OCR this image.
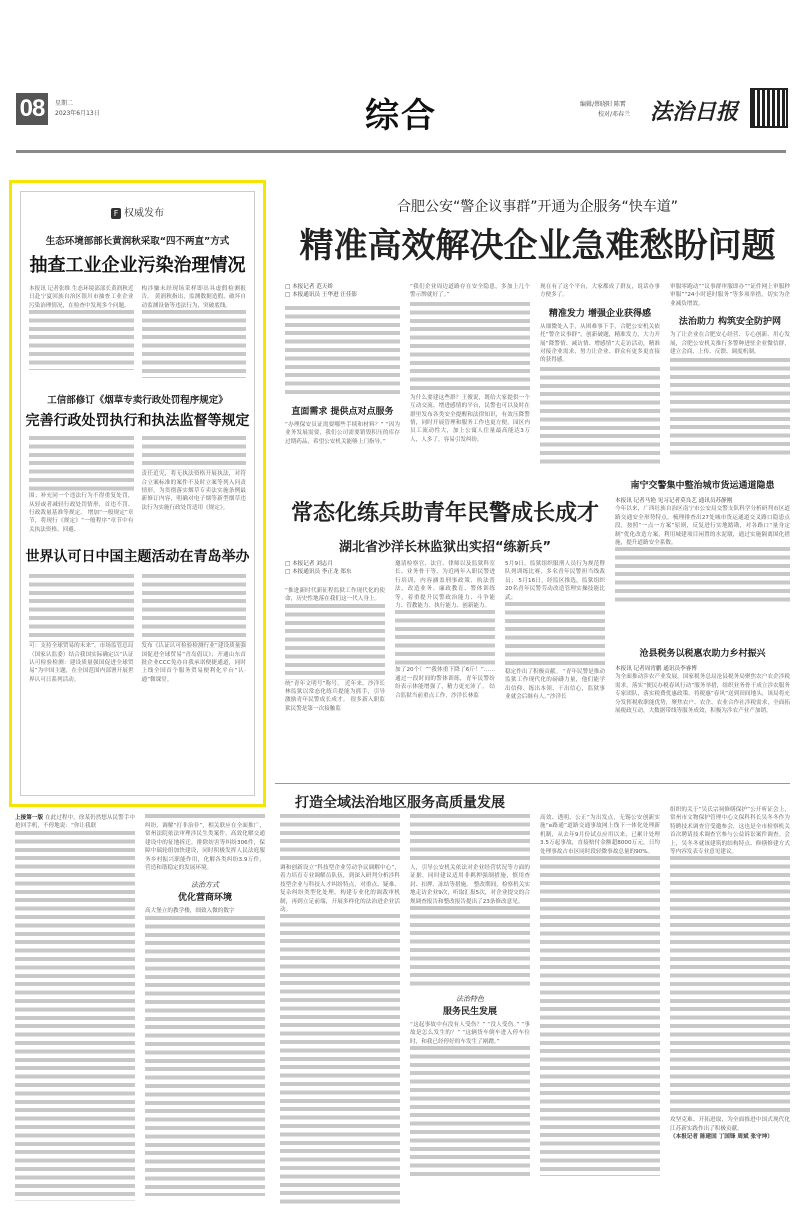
08	星期二
2023年6月13日	综合	编辑/蔡晓阳 陈霄
校对/邓春兰 法治日报
F 权威发布
生态环境部部长黄润秋采取“四不两直”方式
抽查工业企业污染治理情况

本报讯 记者张维 生态环境部部长黄润秋近日赴宁夏回族自治区银川市抽查工业企业污染治理情况，在检查中发现多个问题。

构涉嫌未经现场采样即出具虚假检测报告。 黄润秋指出，监测数据造假，破坏自动监测设备等违法行为，突破底线。

工信部修订《烟草专卖行政处罚程序规定》
完善行政处罚执行和执法监督等规定

围；补充同一个违法行为不得重复处罚，从轻或者减轻行政处罚情形，首违不罚、行政裁量基准等规定。 增加“一般规定”章节，将现行《规定》“一般程序”章节中有关执法资格、回避、

责任追究，将无执法资格开展执法，对符合立案标准的案件不及时立案等列入问责情形，为贯彻落实烟草专卖法实施条例最新修订内容，明确对电子烟等新型烟草违法行为实施行政处罚适用《规定》。

世界认可日中国主题活动在青岛举办

可：支持全球贸易的未来”。市场监管总局（国家认监委）结合我国实际确定以“认证认可检验检测：建设质量强国促进全球贸易”为中国主题，在全国范围内部署开展世界认可日系列活动。

发布《认证认可检验检测行业“建设质量强国促进全球贸易”青岛倡议》；开通山东首批企业CCC免办自我承诺便捷通道，同时上线全国首个服务贸易便利化平台“认·通”微课堂。

合肥公安“警企议事群”开通为企服务“快车道”
精准高效解决企业急难愁盼问题

□ 本报记者 范天娇

□ 本报通讯员 王华进 汪佳影

直面需求 提供点对点服务

“办理保安员证需要哪些手续和材料？” “因为业务发展需要，我们公司需要销毁积压的库存过期药品，希望公安机关能够上门指导。”

“我们企业周边道路存在安全隐患，多加上几个警示牌就好了。”

为什么要建这些群？王俊说，既给大家提供一个互动交流、增进感情的平台，民警也可以及时在群里发布各类安全提醒和法律知识，有效压降警情，同时开展管理和服务工作也更方便。园区内员工流动性大，加上公寓人住量最高能达3万人，人多了，容易引发纠纷。

现在有了这个平台，大家都成了群友，说话办事方便多了。

精准发力 增强企业获得感

从细微处入手，从困难事下手，合肥公安机关依托“警企议事群”，创新破题，精准发力，大力开展“降警情、减访情、增感情”大走访活动，精准对接企业需求，努力让企业、群众有更多更直接的获得感。

审服零跑动”“议事群审服即办”“证件网上审服秒审服”“24小时延时服务”等多项举措，切实为企业减负增效。

法治助力 构筑安全防护网

为了让企业在合肥安心经营、专心创新、用心发展，合肥公安机关推行多警种进驻企业微信群，建立会商、上传、反馈、调度机制。

常态化练兵助青年民警成长成才
湖北省沙洋长林监狱出实招“练新兵”

□ 本报记者 刘志月

□ 本报通讯员 李正龙 郑东

“推进新时代新征程监狱工作现代化的使命，历史性地落在我们这一代人身上。

统“青年文明号”称号。 近年来，沙洋长林监狱以常态化练兵提能为抓手，引导激励青年民警成长成才。 很多新入职监狱民警是第一次接触监

邀请检察官、法官、律师以及监狱科室长、业务骨干等，为近两年入职民警进行培训，内容涵盖刑事政策、执法普法、改造业务、廉政教育、警体训练等，着重提升民警政治能力、斗争能力、管教能力、执行能力、创新能力。

加了20个！”“我体重下降了6斤！”……通过一段时间的警体训练，青年民警纷纷表示体能增强了，精力更充沛了。 结合监狱当前重点工作，沙洋长林监

5月9日，监狱组织服刑人员行为规范暨队列训练比赛，多名青年民警担当线裁员； 5月16日，经监区推选，监狱组织20名青年民警劳动改造管理实操技能比武；

稳定作出了积极贡献。 “青年民警是推动监狱工作现代化的磅礴力量，他们能学出信仰、练出本领、干出信心，监狱事业就会后继有人。”沙洋长

南宁交警集中整治城市货运通道隐患

本报讯 记者马艳 见习记者莫良艺 通讯员苏静刚

今年以来，广西壮族自治区南宁市公安局交警支队科学分析研判市区道路交通安全形势特点，梳理排查出27处城市货运通道交叉路口隐患点段，按照“一点一方案”原则，反复进行实地踏勘，对各路口“量身定制”优化改造方案，利用城建项目闲置的水泥墩，通过实施隔离围化措施，提升道路安全系数。

沧县税务以税惠农助力乡村振兴

本报讯 记者周宵鹏 通讯员李睿博

为全面推动涉农产业发展，国家税务总局沧县税务局聚焦农户农企涉税需求，落实“便民办税春风行动”服务举措，组织业务骨干成立涉农服务专家团队，落实税费优惠政策。将税惠“春风”送到田间地头，该局将充分发挥税收职能优势，聚焦农户、农企、农业合作社涉税需求，全面拓展税政互动，大数据带线等服务成效，积极为涉农产业产加销。

上接第一版 在此过程中，徐某仍然想从民警手中抢回手机，不停地说：“你让我联	纠纷，调解“打非治非”，相关联应在全面推广，常州法院依法审理涉民生类案件，高效化解交通建设中的征地拆迁，排除妨害等纠纷306件，保障中瑞轮组加快建设，同时积极发挥人民法庭服务乡村振兴职能作用，化解各类纠纷3.9万件，营造和谐稳定的发展环境。

法治方式
优化营商环境

高大堡立的教学楼，细致入微的数字

打造全域法治地区服务高质量发展

调和创新设立“科技型企业劳动争议调解中心”，着力培育专业调解员队伍，到深入研判分析涉科技型企业与科技人才纠纷特点，对重点、疑难、复杂纠纷类型化处理，构建专业化的调裁审机制，再到立足前端，开展多样化的法治进企业活动。

人，引导公安机关依法对企业经营状况等方面的证据，同时建议适用非羁押强制措施，慎用查封、扣押、冻结等措施。 整改期间，检察机关实地走访企业9次，听取汇报5次，对企业提交的合规调查报告和整改报告提出了23条修改意见。

法治特色
服务民生发展

“这起事故中有没有人受伤？” “没人受伤。” “事故是怎么发生的？” “这辆货车倒车进入停车位时，和我已经停好的车发生了剐蹭。”

高效、透明、公正”为出发点，无锡公安创新实施“e路通”道路交通事故网上线下一体化处理新机制，从去年9月份试点应用以来，已累计处理3.5万起事故，直接赔付金额超8000万元，日均处理事故占市区同时段轻微事故总量的90%。

组织的关于“吴氏宗祠修缮保护”公开听证会上，常州市文物保护管理中心文保科科长吴冬冬作为特聘技术调查官受邀参会，这也是全市检察机关首次聘请技术调查官参与公益诉讼案件调查。会上，吴冬冬就该建筑的结构特点、修缮修建方式等内容发表专业意见建议。

攻坚克难、开拓进取，为全面推进中国式现代化江苏新实践作出了积极贡献。

（本报记者 陈建国 丁国锋 周斌 张守坤）
